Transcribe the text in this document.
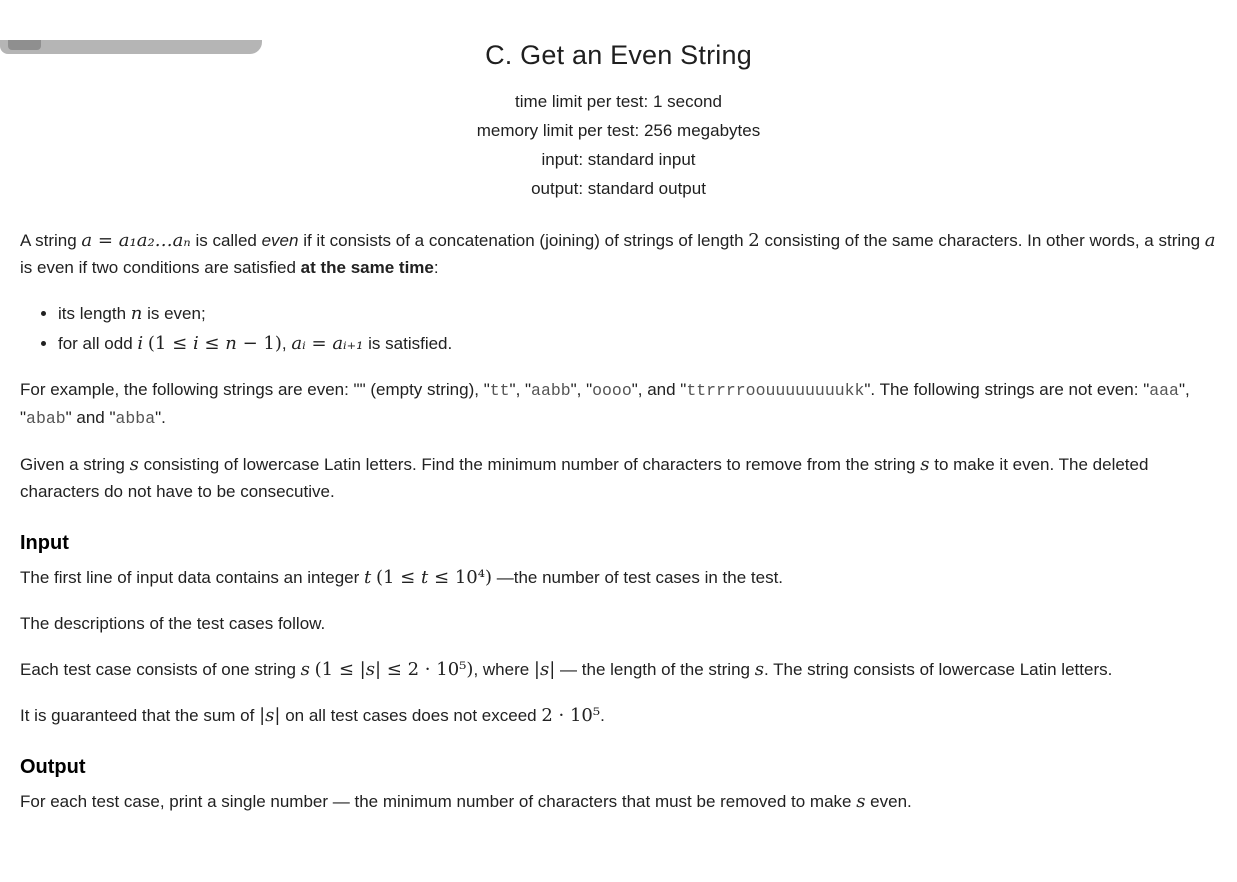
C. Get an Even String
time limit per test: 1 second
memory limit per test: 256 megabytes
input: standard input
output: standard output

A string a = a₁a₂…aₙ is called even if it consists of a concatenation (joining) of strings of length 2 consisting of the same characters. In other words, a string a is even if two conditions are satisfied at the same time:

• its length n is even;
• for all odd i (1 ≤ i ≤ n − 1), aᵢ = aᵢ₊₁ is satisfied.

For example, the following strings are even: "" (empty string), "tt", "aabb", "oooo", and "ttrrrroouuuuuuuukk". The following strings are not even: "aaa", "abab" and "abba".

Given a string s consisting of lowercase Latin letters. Find the minimum number of characters to remove from the string s to make it even. The deleted characters do not have to be consecutive.

Input

The first line of input data contains an integer t (1 ≤ t ≤ 10⁴) —the number of test cases in the test.

The descriptions of the test cases follow.

Each test case consists of one string s (1 ≤ |s| ≤ 2 · 10⁵), where |s| — the length of the string s. The string consists of lowercase Latin letters.

It is guaranteed that the sum of |s| on all test cases does not exceed 2 · 10⁵.

Output

For each test case, print a single number — the minimum number of characters that must be removed to make s even.
